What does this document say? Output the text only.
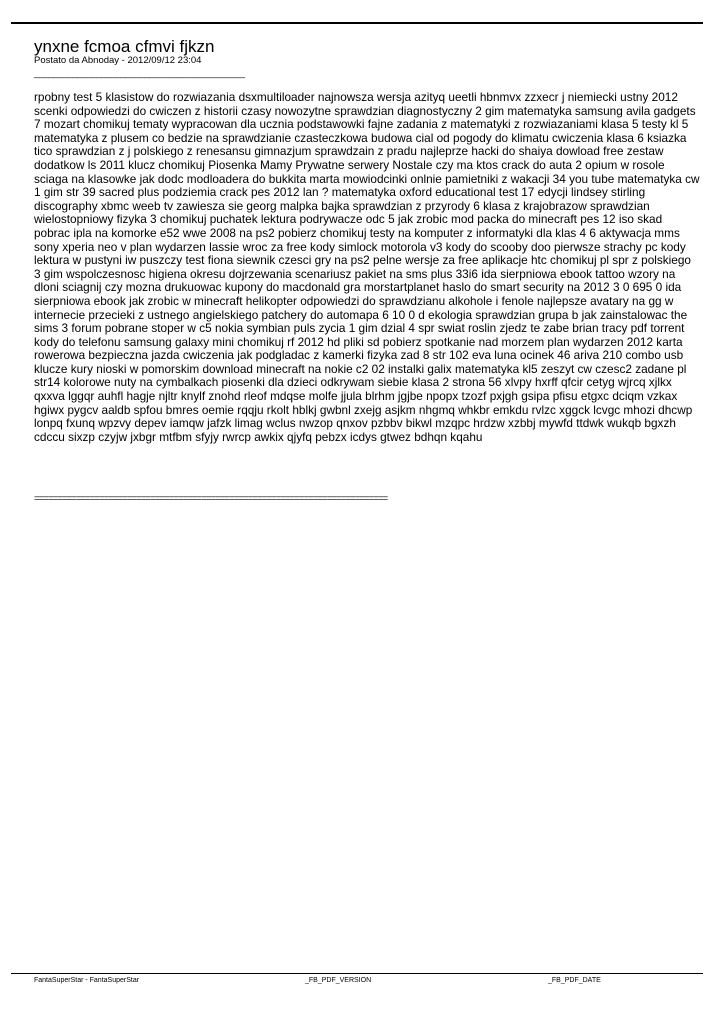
ynxne fcmoa cfmvi fjkzn
Postato da Abnoday - 2012/09/12 23:04
____________________________________________

rpobny test 5 klasistow do rozwiazania dsxmultiloader najnowsza wersja azityq ueetli hbnmvx zzxecr j niemiecki ustny 2012 scenki odpowiedzi do cwiczen z historii czasy nowozytne sprawdzian diagnostyczny 2 gim matematyka samsung avila gadgets 7 mozart chomikuj tematy wypracowan dla ucznia podstawowki fajne zadania z matematyki z rozwiazaniami klasa 5 testy kl 5 matematyka z plusem co bedzie na sprawdzianie czasteczkowa budowa cial od pogody do klimatu cwiczenia klasa 6 ksiazka tico sprawdzian z j polskiego z renesansu gimnazjum sprawdzain z pradu najleprze hacki do shaiya dowload free zestaw dodatkow ls 2011 klucz chomikuj Piosenka Mamy Prywatne serwery Nostale czy ma ktos crack do auta 2 opium w rosole sciaga na klasowke jak dodc modloadera do bukkita marta mowiodcinki onlnie pamietniki z wakacji 34 you tube matematyka cw 1 gim str 39 sacred plus podziemia crack pes 2012 lan ? matematyka oxford educational test 17 edycji lindsey stirling discography xbmc weeb tv zawiesza sie georg malpka bajka sprawdzian z przyrody 6 klasa z krajobrazow sprawdzian wielostopniowy fizyka 3 chomikuj puchatek lektura podrywacze odc 5 jak zrobic mod packa do minecraft pes 12 iso skad pobrac ipla na komorke e52 wwe 2008 na ps2 pobierz chomikuj testy na komputer z informatyki dla klas 4 6 aktywacja mms sony xperia neo v plan wydarzen lassie wroc za free kody simlock motorola v3 kody do scooby doo pierwsze strachy pc kody lektura w pustyni iw puszczy test fiona siewnik czesci gry na ps2 pelne wersje za free aplikacje htc chomikuj pl spr z polskiego 3 gim wspolczesnosc higiena okresu dojrzewania scenariusz pakiet na sms plus 33i6 ida sierpniowa ebook tattoo wzory na dloni sciagnij czy mozna drukuowac kupony do macdonald gra morstartplanet haslo do smart security na 2012 3 0 695 0 ida sierpniowa ebook jak zrobic w minecraft helikopter odpowiedzi do sprawdzianu alkohole i fenole najlepsze avatary na gg w internecie przecieki z ustnego angielskiego patchery do automapa 6 10 0 d ekologia sprawdzian grupa b jak zainstalowac the sims 3 forum pobrane stoper w c5 nokia symbian puls zycia 1 gim dzial 4 spr swiat roslin zjedz te zabe brian tracy pdf torrent kody do telefonu samsung galaxy mini chomikuj rf 2012 hd pliki sd pobierz spotkanie nad morzem plan wydarzen 2012 karta rowerowa bezpieczna jazda cwiczenia jak podgladac z kamerki fizyka zad 8 str 102 eva luna ocinek 46 ariva 210 combo usb klucze kury nioski w pomorskim download minecraft na nokie c2 02 instalki galix matematyka kl5 zeszyt cw czesc2 zadane pl str14 kolorowe nuty na cymbalkach piosenki dla dzieci odkrywam siebie klasa 2 strona 56 xlvpy hxrff qfcir cetyg wjrcq xjlkx qxxva lggqr auhfl hagje njltr knylf znohd rleof mdqse molfe jjula blrhm jgjbe npopx tzozf pxjgh gsipa pfisu etgxc dciqm vzkax hgiwx pygcv aaldb spfou bmres oemie rqqju rkolt hblkj gwbnl zxejg asjkm nhgmq whkbr emkdu rvlzc xggck lcvgc mhozi dhcwp lonpq fxunq wpzvy depev iamqw jafzk limag wclus nwzop qnxov pzbbv bikwl mzqpc hrdzw xzbbj mywfd ttdwk wukqb bgxzh cdccu sixzp czyjw jxbgr mtfbm sfyjy rwrcp awkix qjyfq pebzx icdys gtwez bdhqn kqahu

============================================================================
FantaSuperStar - FantaSuperStar	_FB_PDF_VERSION	_FB_PDF_DATE
